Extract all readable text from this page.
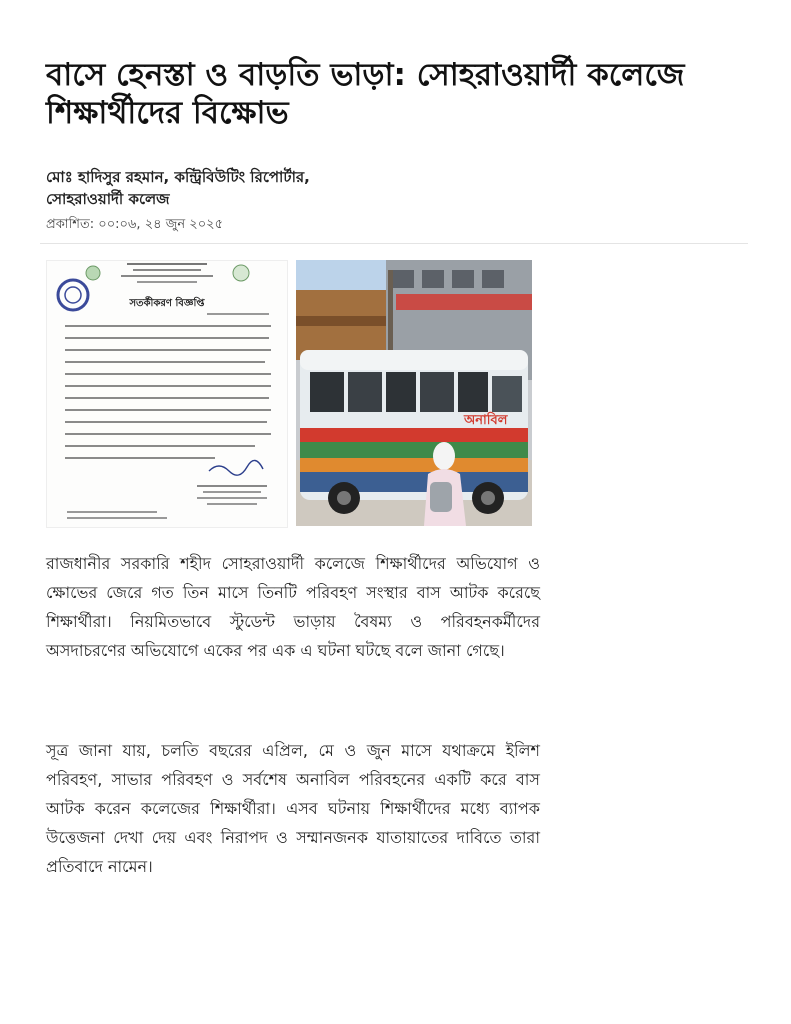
বাসে হেনস্তা ও বাড়তি ভাড়া: সোহরাওয়ার্দী কলেজে শিক্ষার্থীদের বিক্ষোভ

মোঃ হাদিসুর রহমান, কন্ট্রিবিউটিং রিপোর্টার, সোহরাওয়ার্দী কলেজ

প্রকাশিত: ০০:০৬, ২৪ জুন ২০২৫
সতর্কীকরণ বিজ্ঞপ্তি
অনাবিল

রাজধানীর সরকারি শহীদ সোহরাওয়ার্দী কলেজে শিক্ষার্থীদের অভিযোগ ও ক্ষোভের জেরে গত তিন মাসে তিনটি পরিবহণ সংস্থার বাস আটক করেছে শিক্ষার্থীরা। নিয়মিতভাবে স্টুডেন্ট ভাড়ায় বৈষম্য ও পরিবহনকর্মীদের অসদাচরণের অভিযোগে একের পর এক এ ঘটনা ঘটছে বলে জানা গেছে।

সূত্র জানা যায়, চলতি বছরের এপ্রিল, মে ও জুন মাসে যথাক্রমে ইলিশ পরিবহণ, সাভার পরিবহণ ও সর্বশেষ অনাবিল পরিবহনের একটি করে বাস আটক করেন কলেজের শিক্ষার্থীরা। এসব ঘটনায় শিক্ষার্থীদের মধ্যে ব্যাপক উত্তেজনা দেখা দেয় এবং নিরাপদ ও সম্মানজনক যাতায়াতের দাবিতে তারা প্রতিবাদে নামেন।
